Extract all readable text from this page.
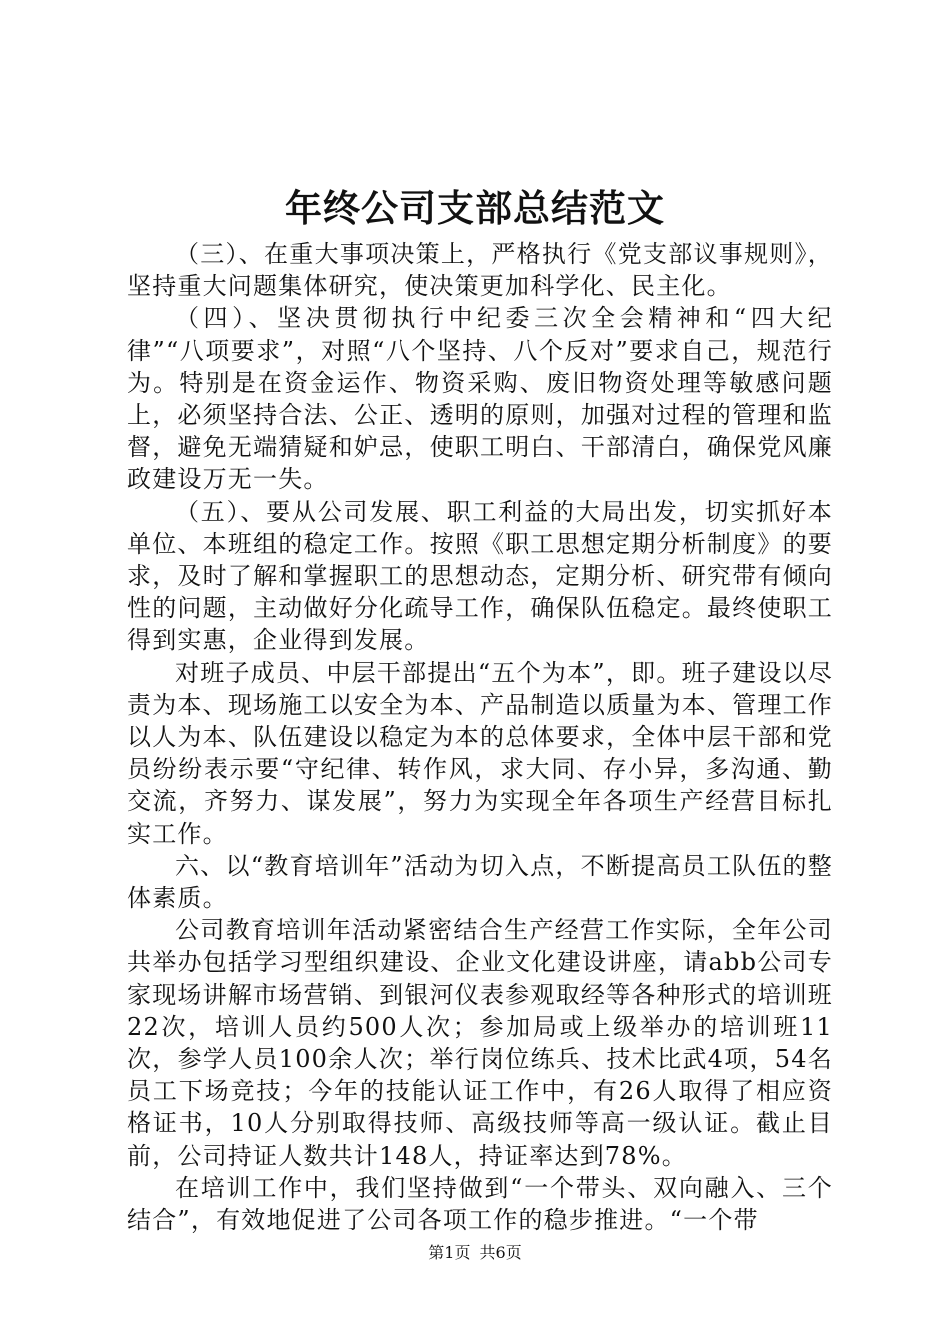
年终公司支部总结范文

（三）、在重大事项决策上，严格执行《党支部议事规则》，坚持重大问题集体研究，使决策更加科学化、民主化。

（四）、坚决贯彻执行中纪委三次全会精神和“四大纪律”“八项要求”，对照“八个坚持、八个反对”要求自己，规范行为。特别是在资金运作、物资采购、废旧物资处理等敏感问题上，必须坚持合法、公正、透明的原则，加强对过程的管理和监督，避免无端猜疑和妒忌，使职工明白、干部清白，确保党风廉政建设万无一失。

（五）、要从公司发展、职工利益的大局出发，切实抓好本单位、本班组的稳定工作。按照《职工思想定期分析制度》的要求，及时了解和掌握职工的思想动态，定期分析、研究带有倾向性的问题，主动做好分化疏导工作，确保队伍稳定。最终使职工得到实惠，企业得到发展。

对班子成员、中层干部提出“五个为本”，即。班子建设以尽责为本、现场施工以安全为本、产品制造以质量为本、管理工作以人为本、队伍建设以稳定为本的总体要求，全体中层干部和党员纷纷表示要“守纪律、转作风，求大同、存小异，多沟通、勤交流，齐努力、谋发展”，努力为实现全年各项生产经营目标扎实工作。

六、以“教育培训年”活动为切入点，不断提高员工队伍的整体素质。

公司教育培训年活动紧密结合生产经营工作实际，全年公司共举办包括学习型组织建设、企业文化建设讲座，请abb公司专家现场讲解市场营销、到银河仪表参观取经等各种形式的培训班22次，培训人员约500人次；参加局或上级举办的培训班11次，参学人员100余人次；举行岗位练兵、技术比武4项，54名员工下场竞技；今年的技能认证工作中，有26人取得了相应资格证书，10人分别取得技师、高级技师等高一级认证。截止目前，公司持证人数共计148人，持证率达到78%。

在培训工作中，我们坚持做到“一个带头、双向融入、三个结合”，有效地促进了公司各项工作的稳步推进。“一个带

第1页 共6页
